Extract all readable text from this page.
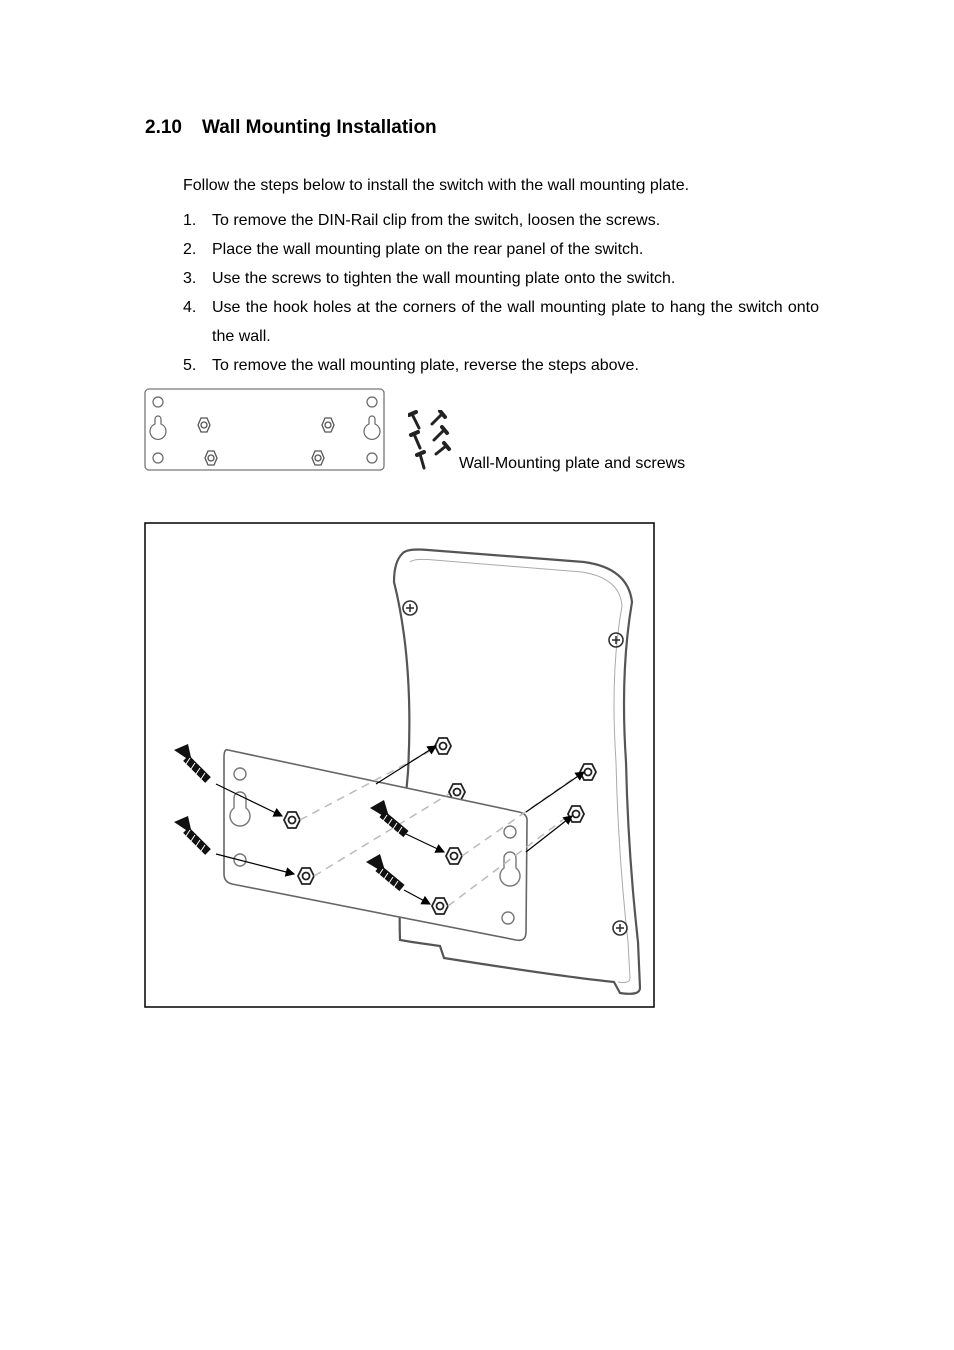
2.10 Wall Mounting Installation
Follow the steps below to install the switch with the wall mounting plate.
1. To remove the DIN-Rail clip from the switch, loosen the screws.
2. Place the wall mounting plate on the rear panel of the switch.
3. Use the screws to tighten the wall mounting plate onto the switch.
4. Use the hook holes at the corners of the wall mounting plate to hang the switch onto the wall.
5. To remove the wall mounting plate, reverse the steps above.
Wall-Mounting plate and screws
